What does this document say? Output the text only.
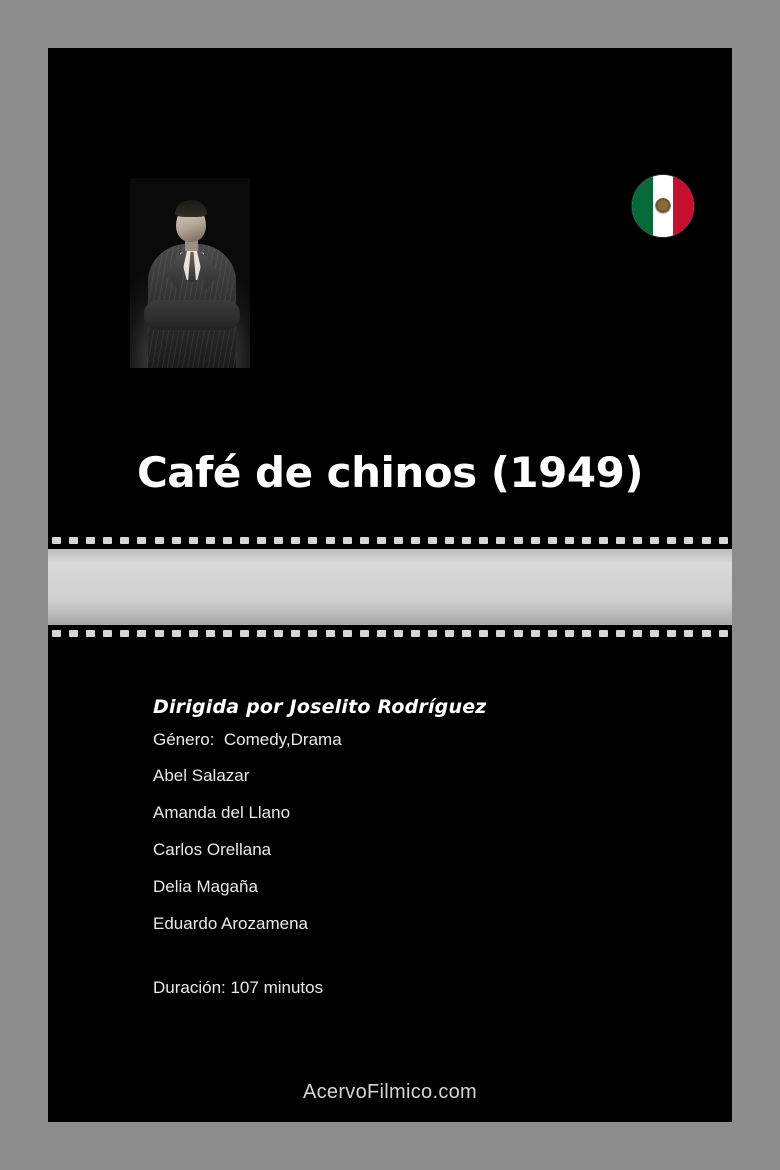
Café de chinos (1949)

Dirigida por Joselito Rodríguez

Género:  Comedy,Drama

Abel Salazar
Amanda del Llano
Carlos Orellana
Delia Magaña
Eduardo Arozamena

Duración: 107 minutos

AcervoFilmico.com
